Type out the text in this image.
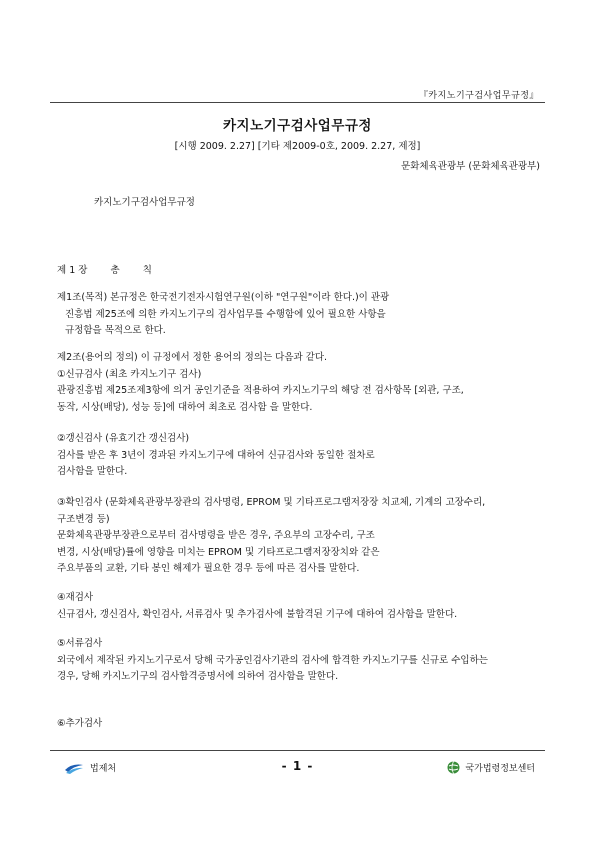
『카지노기구검사업무규정』
카지노기구검사업무규정
[시행 2009. 2.27] [기타 제2009-0호, 2009. 2.27, 제정]
문화체육관광부 (문화체육관광부)
카지노기구검사업무규정
제 1 장 총 칙
제1조(목적) 본규정은 한국전기전자시험연구원(이하 "연구원"이라 한다.)이 관광
진흥법 제25조에 의한 카지노기구의 검사업무를 수행함에 있어 필요한 사항을
규정함을 목적으로 한다.
제2조(용어의 정의) 이 규정에서 정한 용어의 정의는 다음과 같다.
①신규검사 (최초 카지노기구 검사)
관광진흥법 제25조제3항에 의거 공인기준을 적용하여 카지노기구의 해당 전 검사항목 [외관, 구조,
동작, 시상(배당), 성능 등]에 대하여 최초로 검사함 을 말한다.
②갱신검사 (유효기간 갱신검사)
검사를 받은 후 3년이 경과된 카지노기구에 대하여 신규검사와 동일한 절차로
검사함을 말한다.
③확인검사 (문화체육관광부장관의 검사명령, EPROM 및 기타프로그램저장장 치교체, 기계의 고장수리,
구조변경 등)
문화체육관광부장관으로부터 검사명령을 받은 경우, 주요부의 고장수리, 구조
변경, 시상(배당)률에 영향을 미치는 EPROM 및 기타프로그램저장장치와 같은
주요부품의 교환, 기타 봉인 해제가 필요한 경우 등에 따른 검사를 말한다.
④재검사
신규검사, 갱신검사, 확인검사, 서류검사 및 추가검사에 불합격된 기구에 대하여 검사함을 말한다.
⑤서류검사
외국에서 제작된 카지노기구로서 당해 국가공인검사기관의 검사에 합격한 카지노기구를 신규로 수입하는
경우, 당해 카지노기구의 검사합격증명서에 의하여 검사함을 말한다.
⑥추가검사
법제처	- 1 -	국가법령정보센터
